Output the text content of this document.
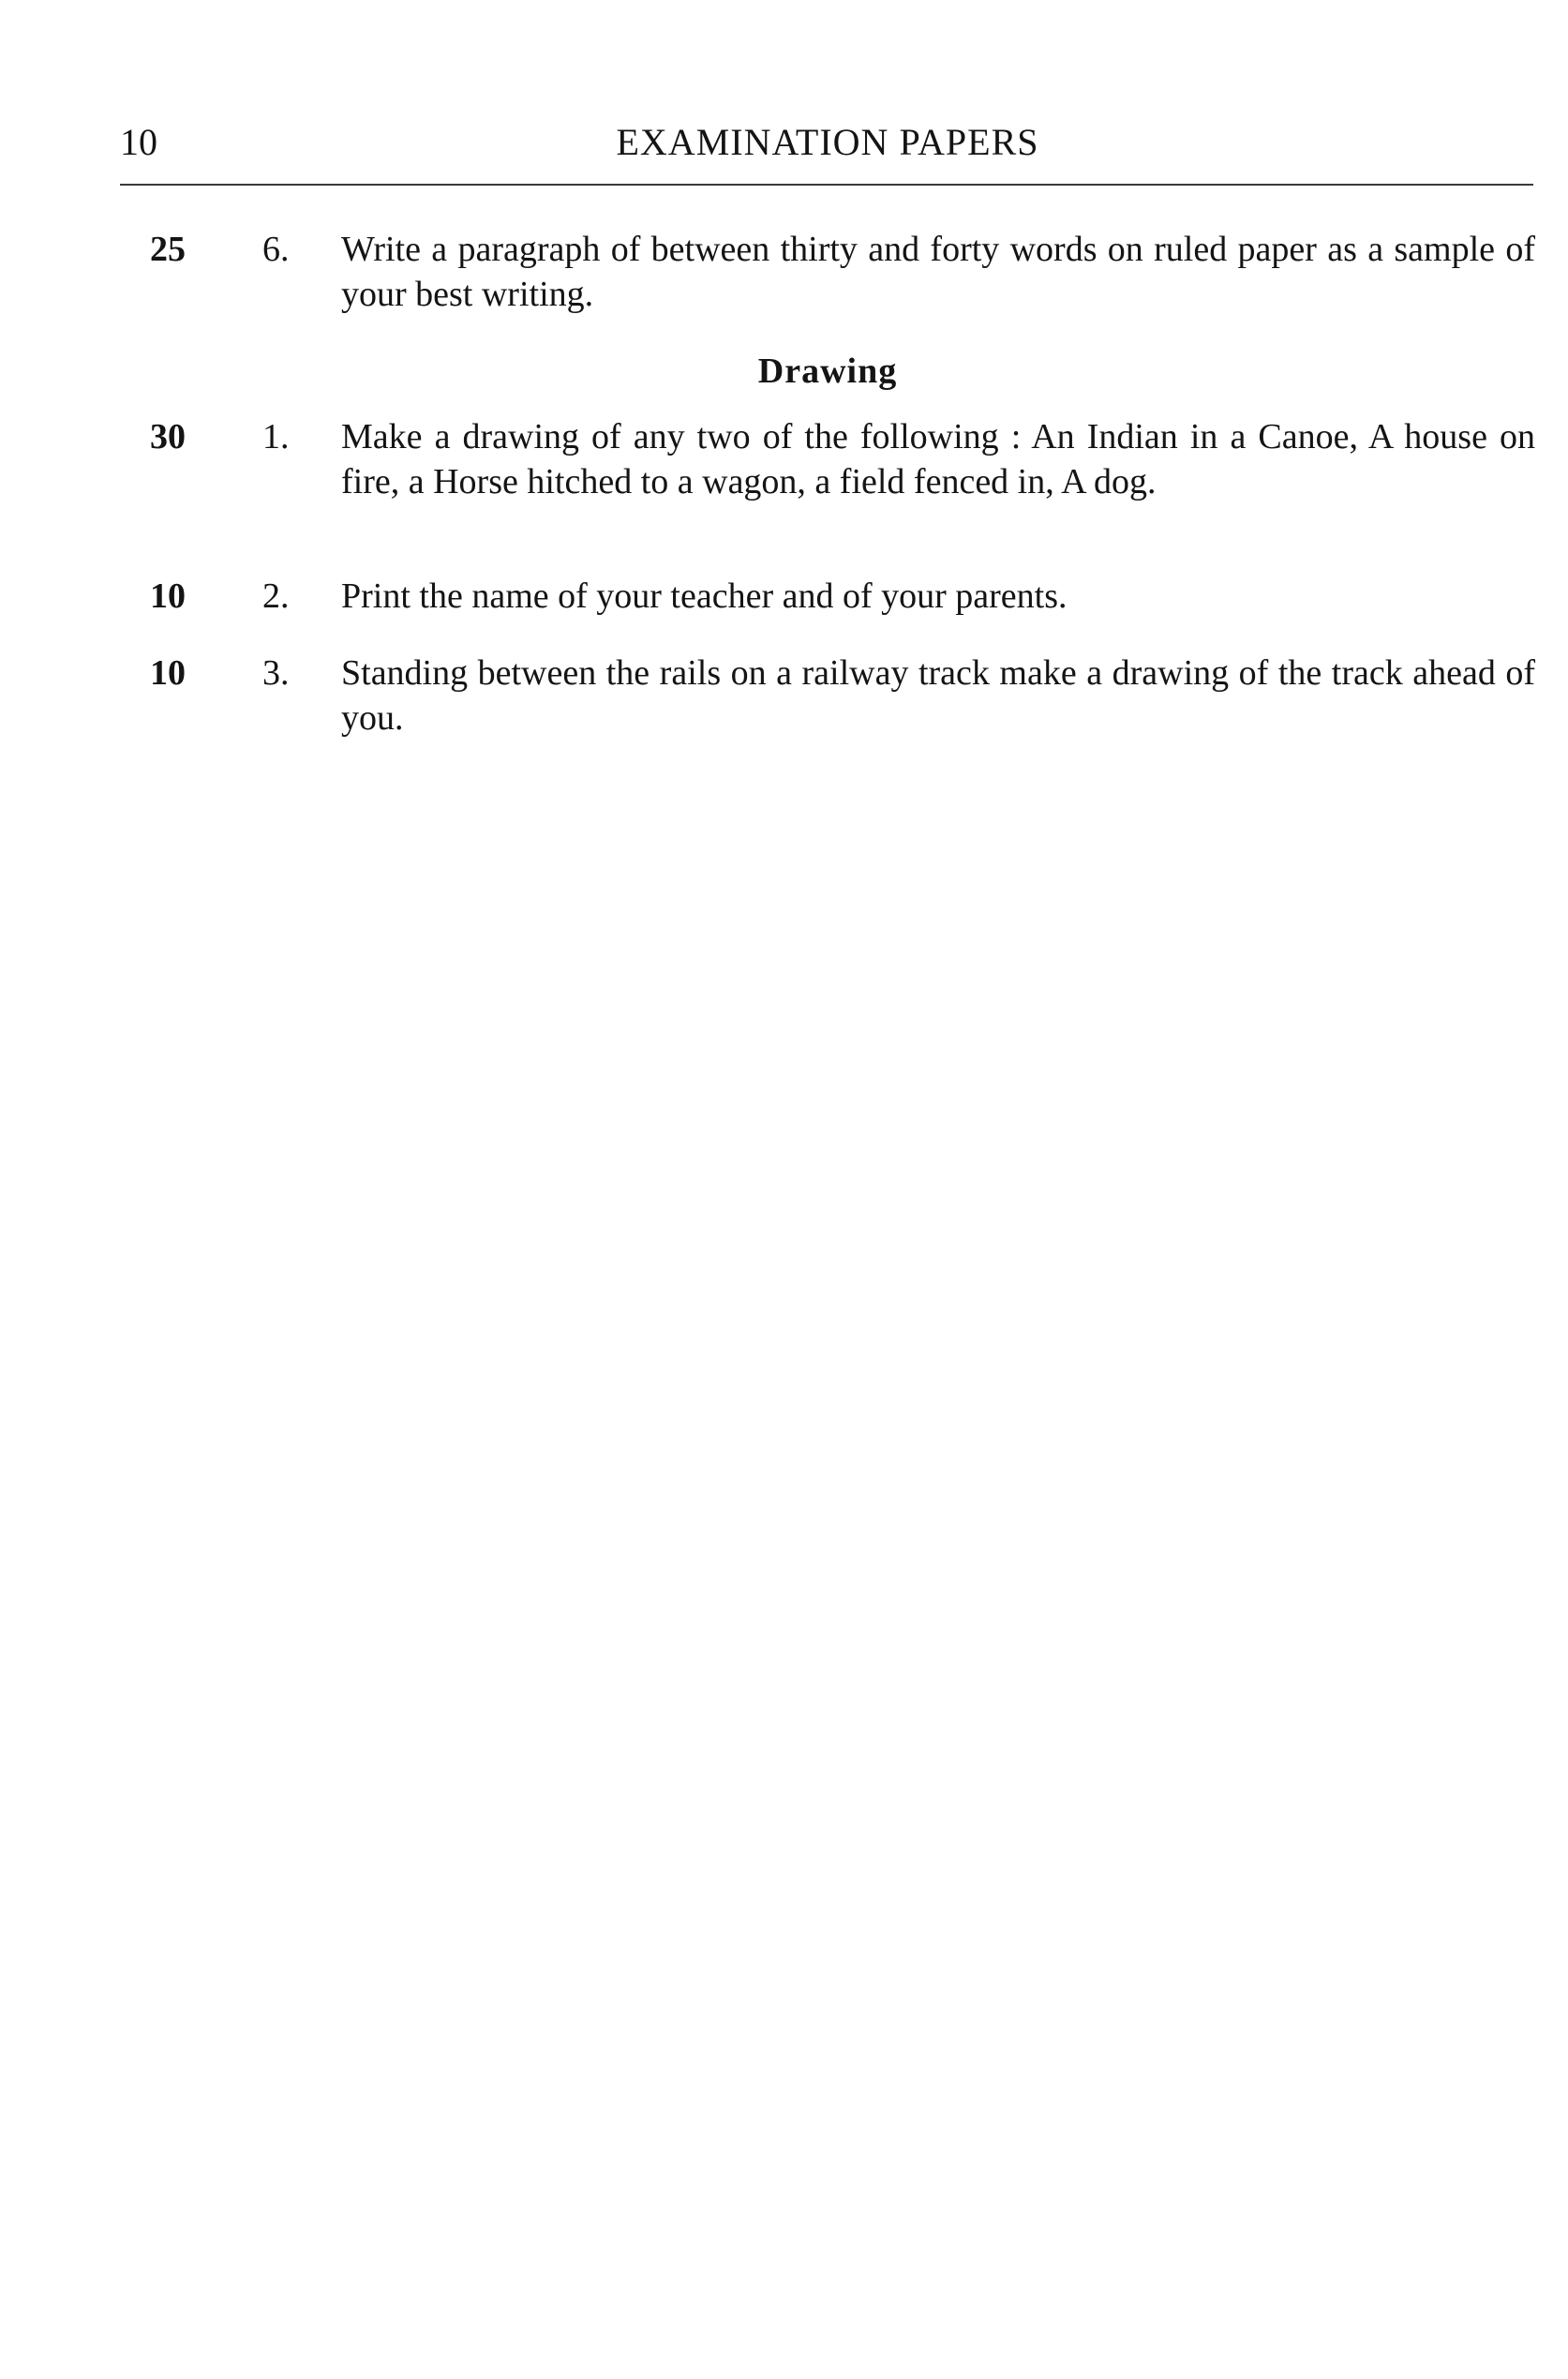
10	EXAMINATION PAPERS
25 6. Write a paragraph of between thirty and forty words on ruled paper as a sample of your best writing.
Drawing
30 1. Make a drawing of any two of the following : An Indian in a Canoe, A house on fire, a Horse hitched to a wagon, a field fenced in, A dog.
10 2. Print the name of your teacher and of your parents.
10 3. Standing between the rails on a railway track make a drawing of the track ahead of you.
